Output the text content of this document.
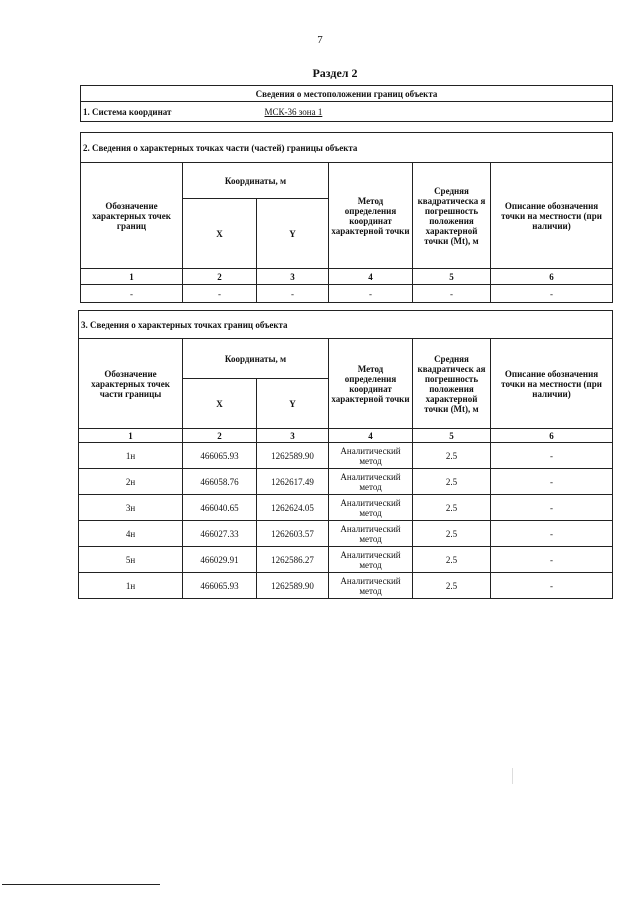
7
Раздел 2
Сведения о местоположении границ объекта
1. Система координат	МСК-36 зона 1
2. Сведения о характерных точках части (частей) границы объекта					
Обозначение характерных точек границ	Координаты, м		Метод определения координат характерной точки	Средняя квадратическа я погрешность положения характерной точки (Mt), м	Описание обозначения точки на местности (при наличии)
	X	Y			
1	2	3	4	5	6
-	-	-	-	-	-
3. Сведения о характерных точках границ объекта					
Обозначение характерных точек части границы	Координаты, м		Метод определения координат характерной точки	Средняя квадратическ ая погрешность положения характерной точки (Mt), м	Описание обозначения точки на местности (при наличии)
	X	Y			
1	2	3	4	5	6
1н	466065.93	1262589.90	Аналитический метод	2.5	-
2н	466058.76	1262617.49	Аналитический метод	2.5	-
3н	466040.65	1262624.05	Аналитический метод	2.5	-
4н	466027.33	1262603.57	Аналитический метод	2.5	-
5н	466029.91	1262586.27	Аналитический метод	2.5	-
1н	466065.93	1262589.90	Аналитический метод	2.5	-
